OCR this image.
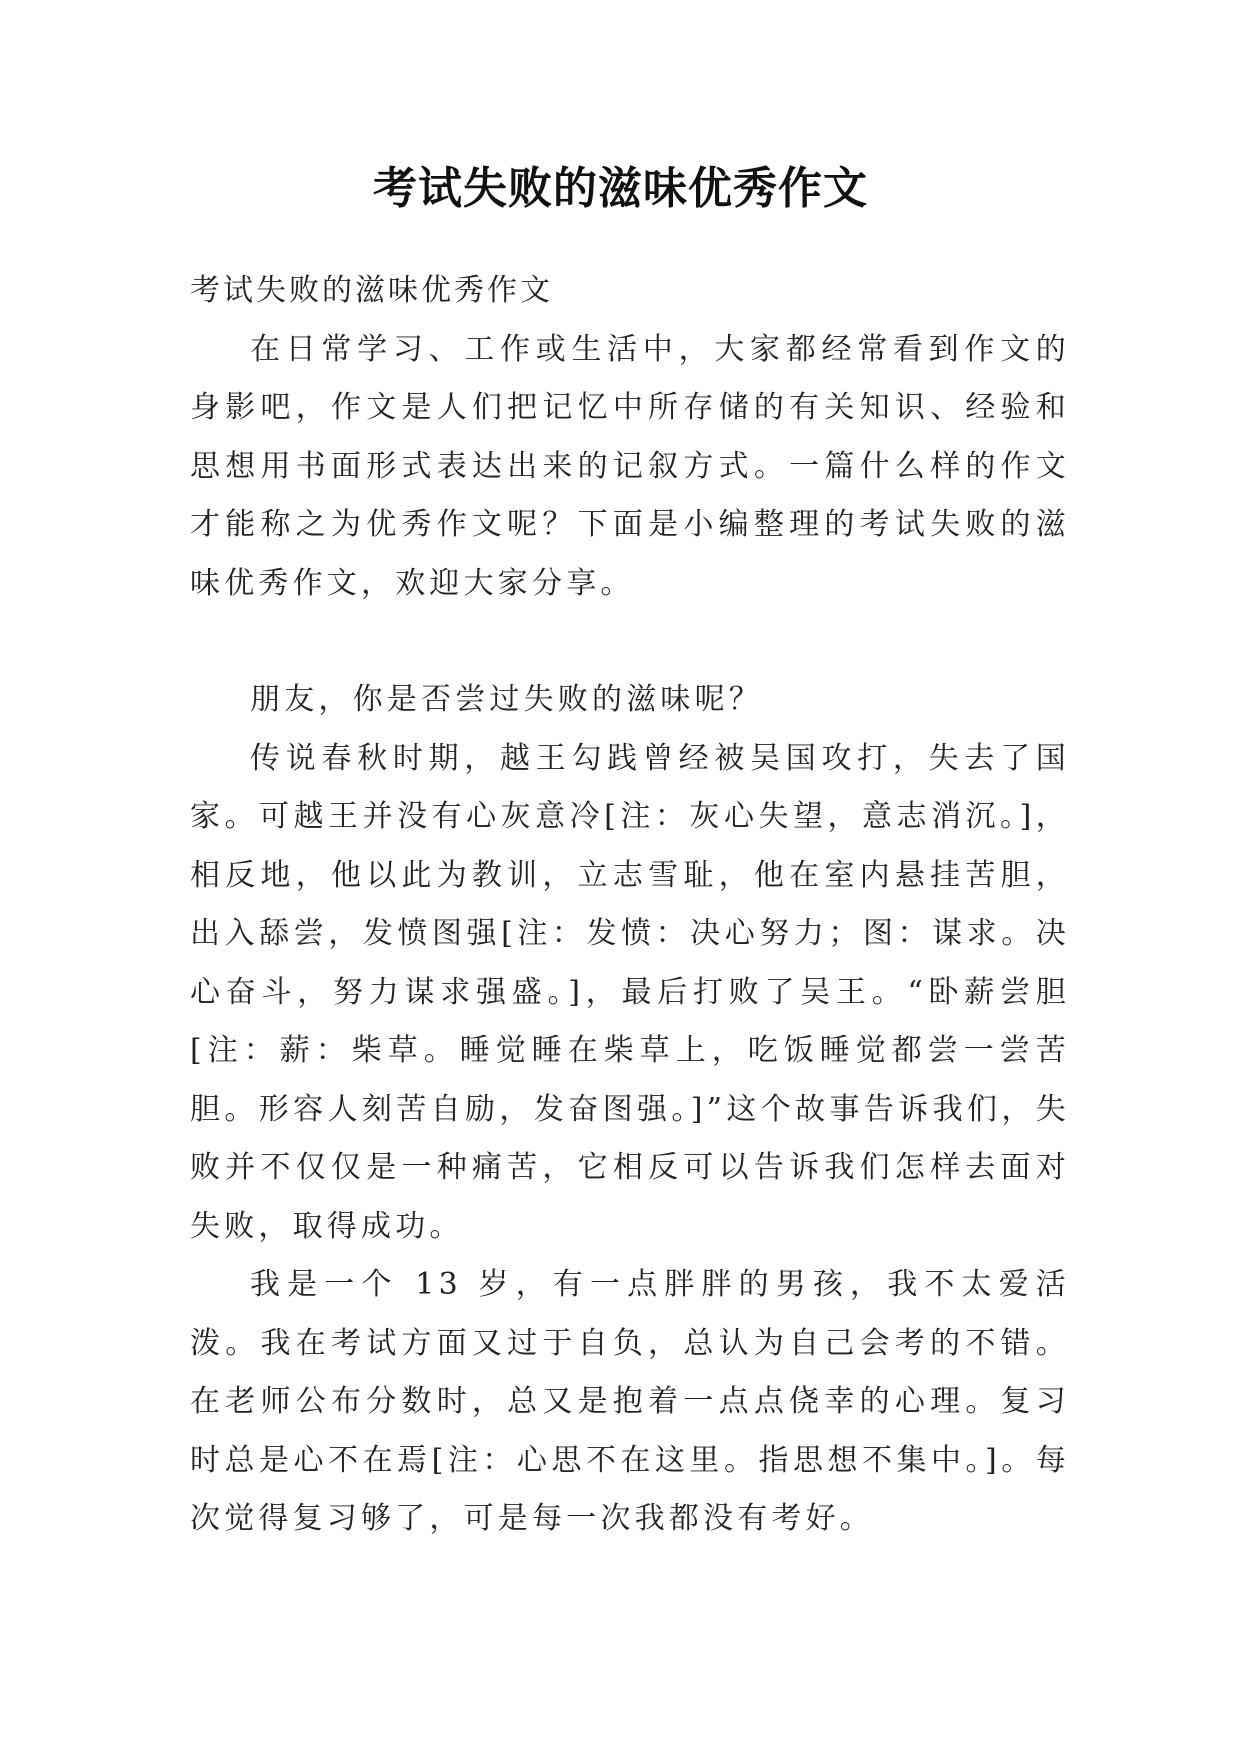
考试失败的滋味优秀作文

考试失败的滋味优秀作文

在日常学习、工作或生活中，大家都经常看到作文的身影吧，作文是人们把记忆中所存储的有关知识、经验和思想用书面形式表达出来的记叙方式。一篇什么样的作文才能称之为优秀作文呢？下面是小编整理的考试失败的滋味优秀作文，欢迎大家分享。

朋友，你是否尝过失败的滋味呢？

传说春秋时期，越王勾践曾经被吴国攻打，失去了国家。可越王并没有心灰意冷[注：灰心失望，意志消沉。]，相反地，他以此为教训，立志雪耻，他在室内悬挂苦胆，出入舔尝，发愤图强[注：发愤：决心努力；图：谋求。决心奋斗，努力谋求强盛。]，最后打败了吴王。“卧薪尝胆[注：薪：柴草。睡觉睡在柴草上，吃饭睡觉都尝一尝苦胆。形容人刻苦自励，发奋图强。]”这个故事告诉我们，失败并不仅仅是一种痛苦，它相反可以告诉我们怎样去面对失败，取得成功。

我是一个 13 岁，有一点胖胖的男孩，我不太爱活泼。我在考试方面又过于自负，总认为自己会考的不错。在老师公布分数时，总又是抱着一点点侥幸的心理。复习时总是心不在焉[注：心思不在这里。指思想不集中。]。每次觉得复习够了，可是每一次我都没有考好。
